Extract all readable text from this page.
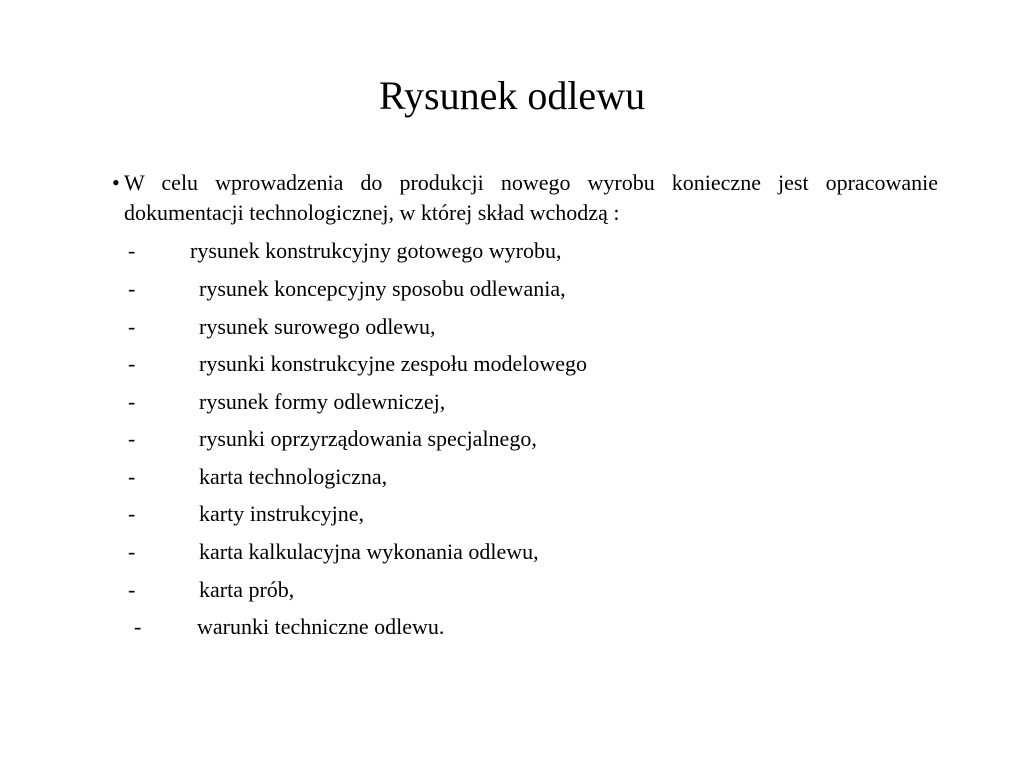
Rysunek odlewu
• W celu wprowadzenia do produkcji nowego wyrobu konieczne jest opracowanie dokumentacji technologicznej, w której skład wchodzą :

- rysunek konstrukcyjny gotowego wyrobu,
-	rysunek koncepcyjny sposobu odlewania,
-	rysunek surowego odlewu,
-	rysunki konstrukcyjne zespołu modelowego
-	rysunek formy odlewniczej,
-	rysunki oprzyrządowania specjalnego,
-	karta technologiczna,
-	karty instrukcyjne,
-	karta kalkulacyjna wykonania odlewu,
-	karta prób,
-	warunki techniczne odlewu.
